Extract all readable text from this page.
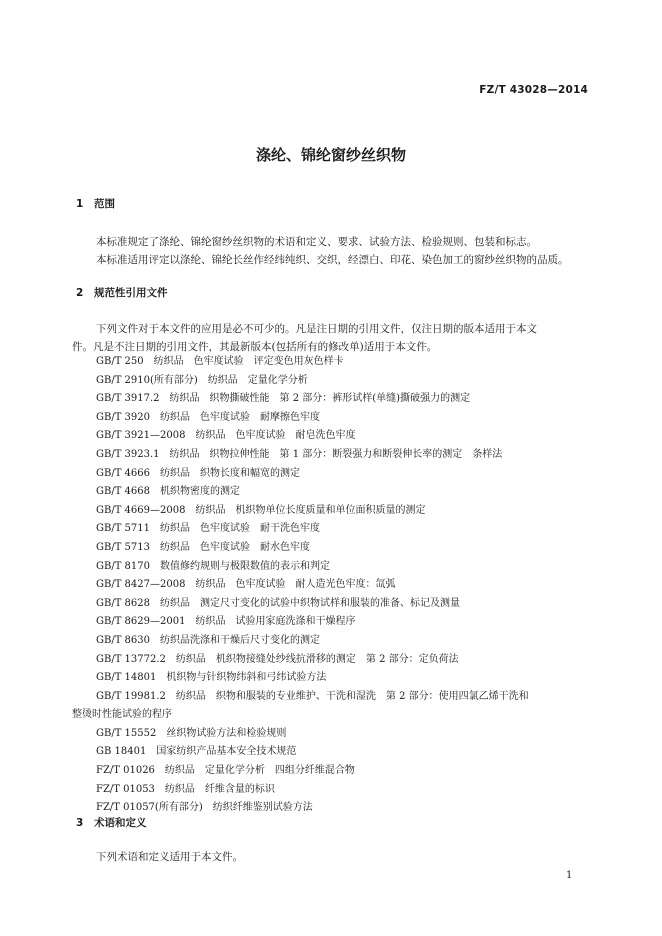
FZ/T 43028—2014
涤纶、锦纶窗纱丝织物
1 范围
本标准规定了涤纶、锦纶窗纱丝织物的术语和定义、要求、试验方法、检验规则、包装和标志。
本标准适用评定以涤纶、锦纶长丝作经纬纯织、交织，经漂白、印花、染色加工的窗纱丝织物的品质。
2 规范性引用文件
下列文件对于本文件的应用是必不可少的。凡是注日期的引用文件，仅注日期的版本适用于本文
件。凡是不注日期的引用文件，其最新版本(包括所有的修改单)适用于本文件。
GB/T 250 纺织品　色牢度试验　评定变色用灰色样卡
GB/T 2910(所有部分) 纺织品　定量化学分析
GB/T 3917.2 纺织品　织物撕破性能　第 2 部分：裤形试样(单缝)撕破强力的测定
GB/T 3920 纺织品　色牢度试验　耐摩擦色牢度
GB/T 3921—2008 纺织品　色牢度试验　耐皂洗色牢度
GB/T 3923.1 纺织品　织物拉伸性能　第 1 部分：断裂强力和断裂伸长率的测定　条样法
GB/T 4666 纺织品　织物长度和幅宽的测定
GB/T 4668 机织物密度的测定
GB/T 4669—2008 纺织品　机织物单位长度质量和单位面积质量的测定
GB/T 5711 纺织品　色牢度试验　耐干洗色牢度
GB/T 5713 纺织品　色牢度试验　耐水色牢度
GB/T 8170 数值修约规则与极限数值的表示和判定
GB/T 8427—2008 纺织品　色牢度试验　耐人造光色牢度：氙弧
GB/T 8628 纺织品　测定尺寸变化的试验中织物试样和服装的准备、标记及测量
GB/T 8629—2001 纺织品　试验用家庭洗涤和干燥程序
GB/T 8630 纺织品洗涤和干燥后尺寸变化的测定
GB/T 13772.2 纺织品　机织物接缝处纱线抗滑移的测定　第 2 部分：定负荷法
GB/T 14801 机织物与针织物纬斜和弓纬试验方法
GB/T 19981.2 纺织品　织物和服装的专业维护、干洗和湿洗　第 2 部分：使用四氯乙烯干洗和
整烫时性能试验的程序
GB/T 15552 丝织物试验方法和检验规则
GB 18401 国家纺织产品基本安全技术规范
FZ/T 01026 纺织品　定量化学分析　四组分纤维混合物
FZ/T 01053 纺织品　纤维含量的标识
FZ/T 01057(所有部分) 纺织纤维鉴别试验方法
3 术语和定义
下列术语和定义适用于本文件。
1
